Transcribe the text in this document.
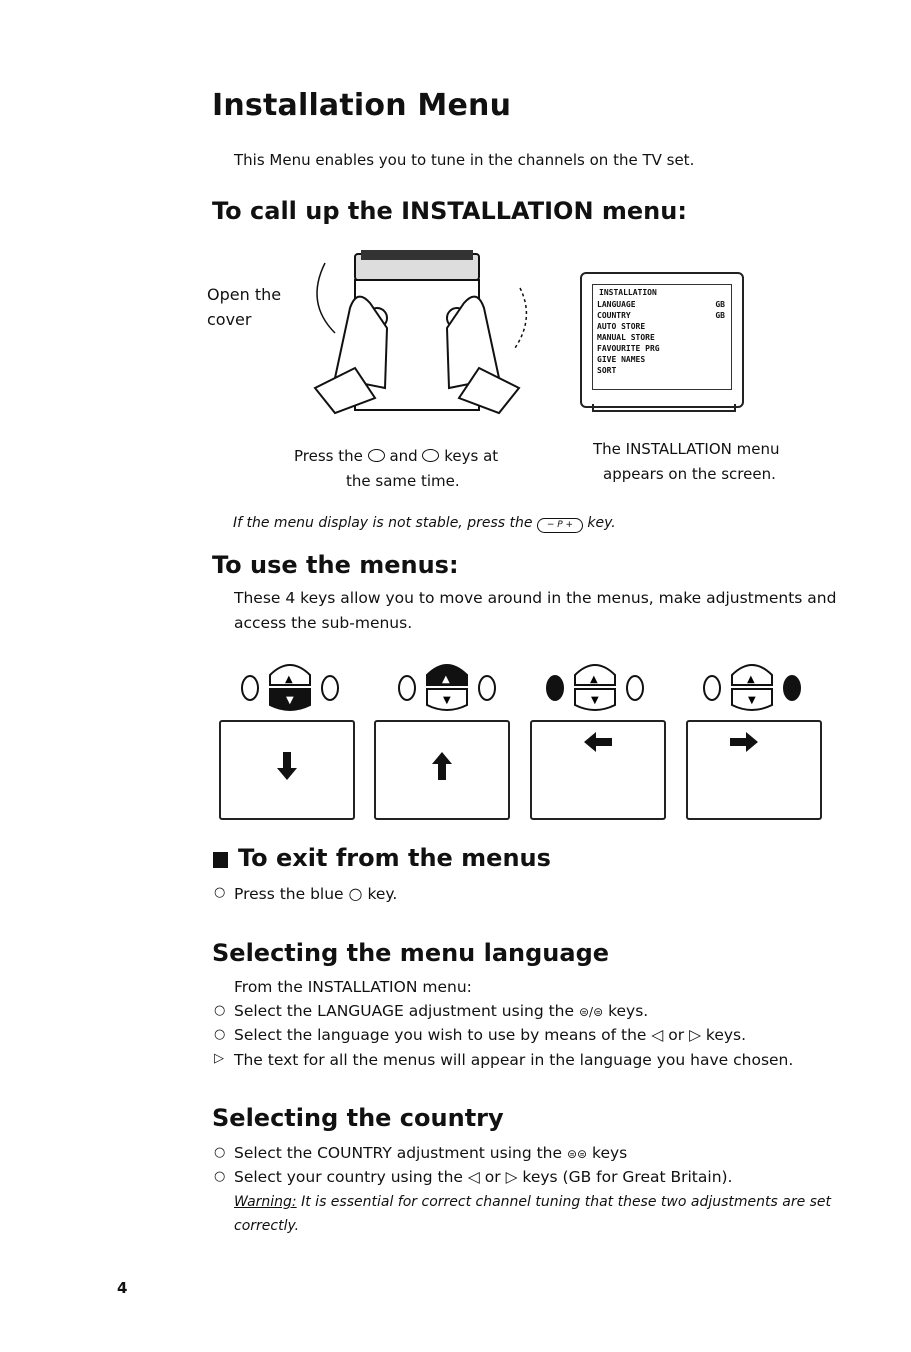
Installation Menu
This Menu enables you to tune in the channels on the TV set.
To call up the INSTALLATION menu:
Open the
cover
INSTALLATION
LANGUAGE	GB
COUNTRY	GB
AUTO STORE
MANUAL STORE
FAVOURITE PRG
GIVE NAMES
SORT
Press the and keys at
the same time.
The INSTALLATION menu
appears on the screen.
If the menu display is not stable, press the − P + key.
To use the menus:
These 4 keys allow you to move around in the menus, make adjustments and
access the sub-menus.
▼
▲	▲
▼
▲
▼
▲
▼
To exit from the menus
○ Press the blue ○ key.
Selecting the menu language
From the INSTALLATION menu:
○ Select the LANGUAGE adjustment using the ⊜/⊜ keys.
○ Select the language you wish to use by means of the ◁ or ▷ keys.
▷ The text for all the menus will appear in the language you have chosen.
Selecting the country
○ Select the COUNTRY adjustment using the ⊜⊜ keys
○ Select your country using the ◁ or ▷ keys (GB for Great Britain).
Warning: It is essential for correct channel tuning that these two adjustments are set
correctly.
4
